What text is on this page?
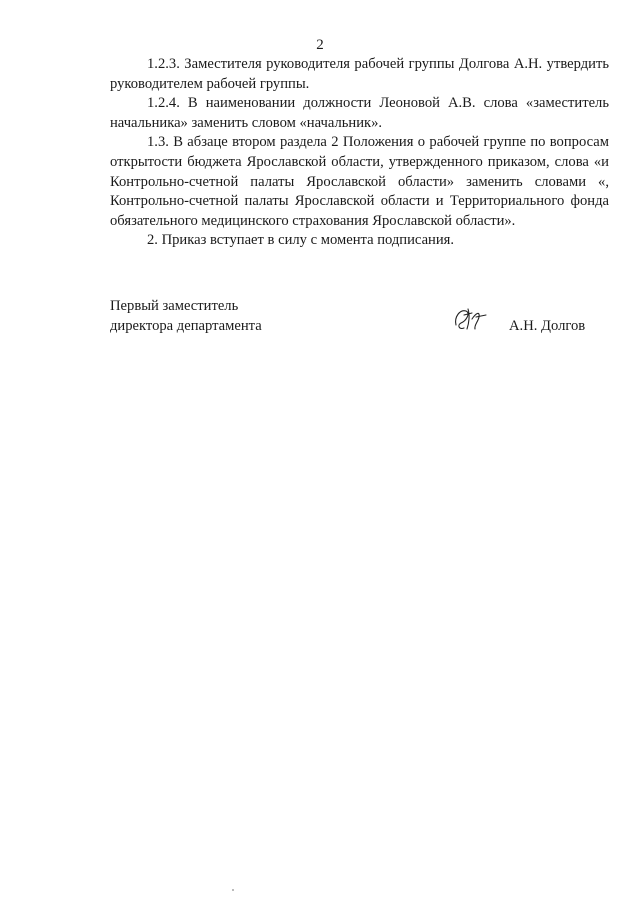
2

1.2.3. Заместителя руководителя рабочей группы Долгова А.Н. утвердить руководителем рабочей группы.

1.2.4. В наименовании должности Леоновой А.В. слова «заместитель начальника» заменить словом «начальник».

1.3. В абзаце втором раздела 2 Положения о рабочей группе по вопросам открытости бюджета Ярославской области, утвержденного приказом, слова «и Контрольно-счетной палаты Ярославской области» заменить словами «, Контрольно-счетной палаты Ярославской области и Территориального фонда обязательного медицинского страхования Ярославской области».

2. Приказ вступает в силу с момента подписания.

Первый заместитель
директора департамента	А.Н. Долгов
